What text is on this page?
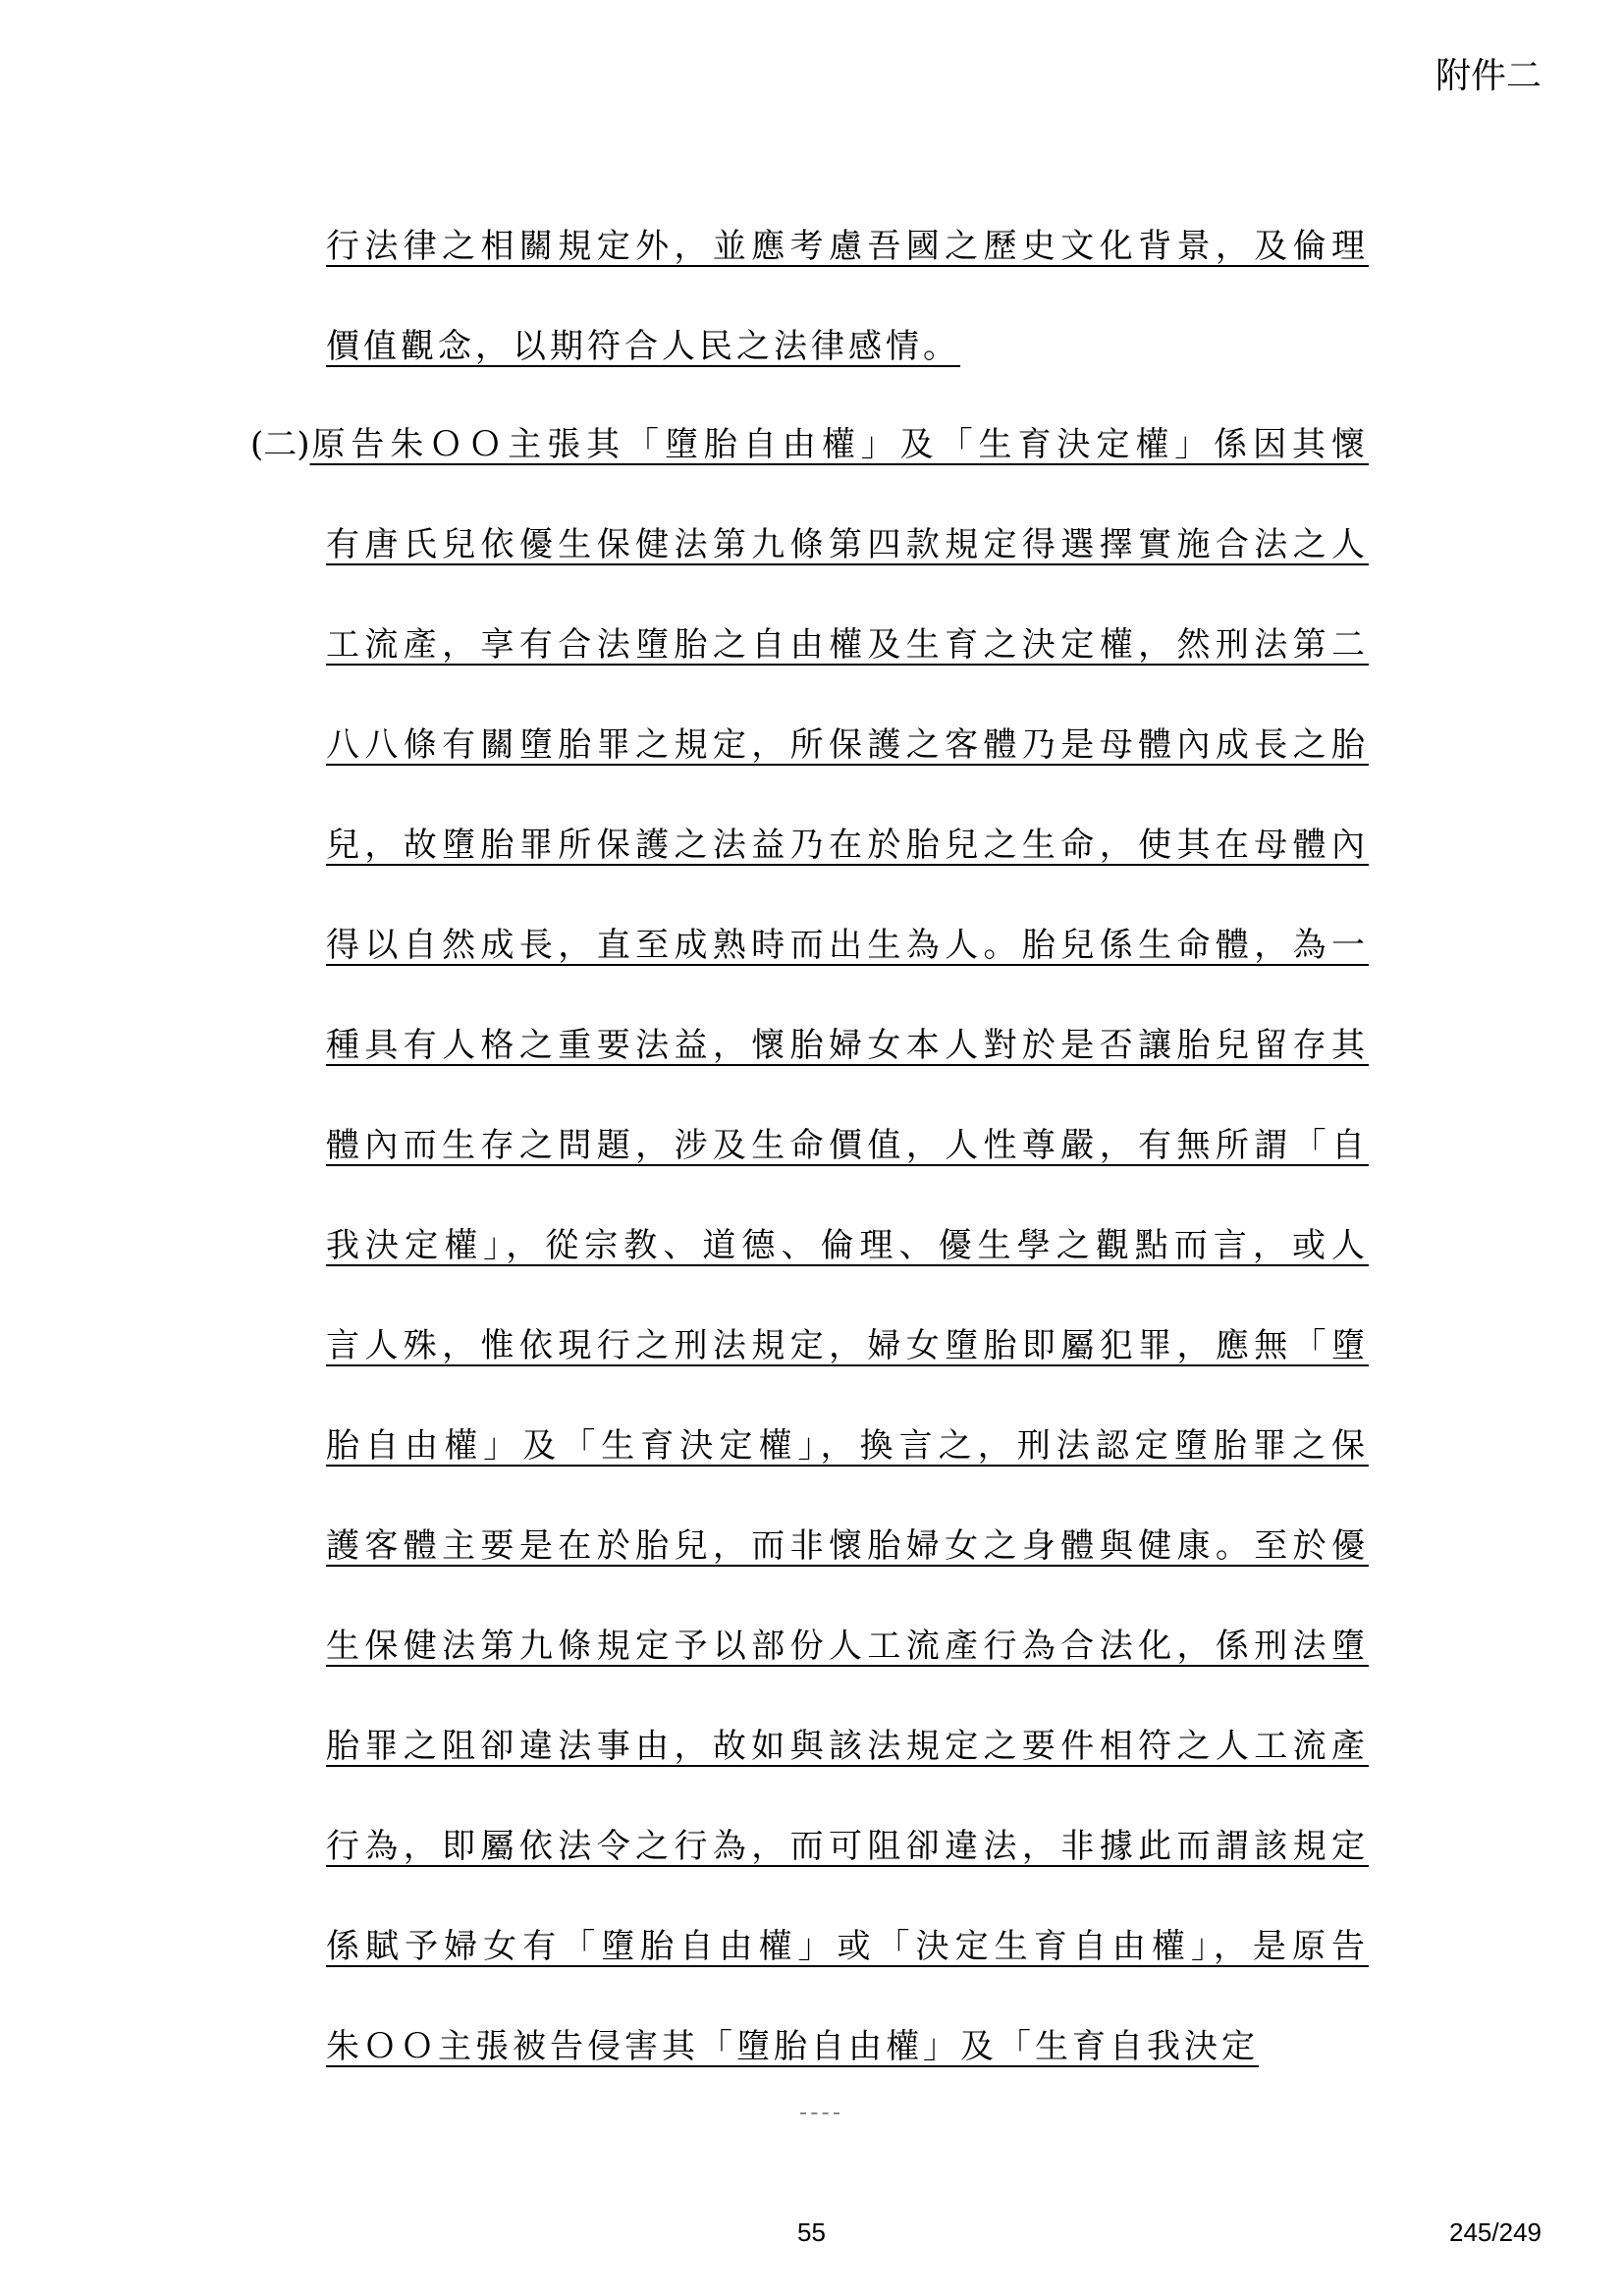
附件二
行法律之相關規定外，並應考慮吾國之歷史文化背景，及倫理
價值觀念，以期符合人民之法律感情。
(二)原告朱ＯＯ主張其「墮胎自由權」及「生育決定權」係因其懷
有唐氏兒依優生保健法第九條第四款規定得選擇實施合法之人
工流產，享有合法墮胎之自由權及生育之決定權，然刑法第二
八八條有關墮胎罪之規定，所保護之客體乃是母體內成長之胎
兒，故墮胎罪所保護之法益乃在於胎兒之生命，使其在母體內
得以自然成長，直至成熟時而出生為人。胎兒係生命體，為一
種具有人格之重要法益，懷胎婦女本人對於是否讓胎兒留存其
體內而生存之問題，涉及生命價值，人性尊嚴，有無所謂「自
我決定權」，從宗教、道德、倫理、優生學之觀點而言，或人
言人殊，惟依現行之刑法規定，婦女墮胎即屬犯罪，應無「墮
胎自由權」及「生育決定權」，換言之，刑法認定墮胎罪之保
護客體主要是在於胎兒，而非懷胎婦女之身體與健康。至於優
生保健法第九條規定予以部份人工流產行為合法化，係刑法墮
胎罪之阻卻違法事由，故如與該法規定之要件相符之人工流產
行為，即屬依法令之行為，而可阻卻違法，非據此而謂該規定
係賦予婦女有「墮胎自由權」或「決定生育自由權」，是原告
朱ＯＯ主張被告侵害其「墮胎自由權」及「生育自我決定
55	245/249
